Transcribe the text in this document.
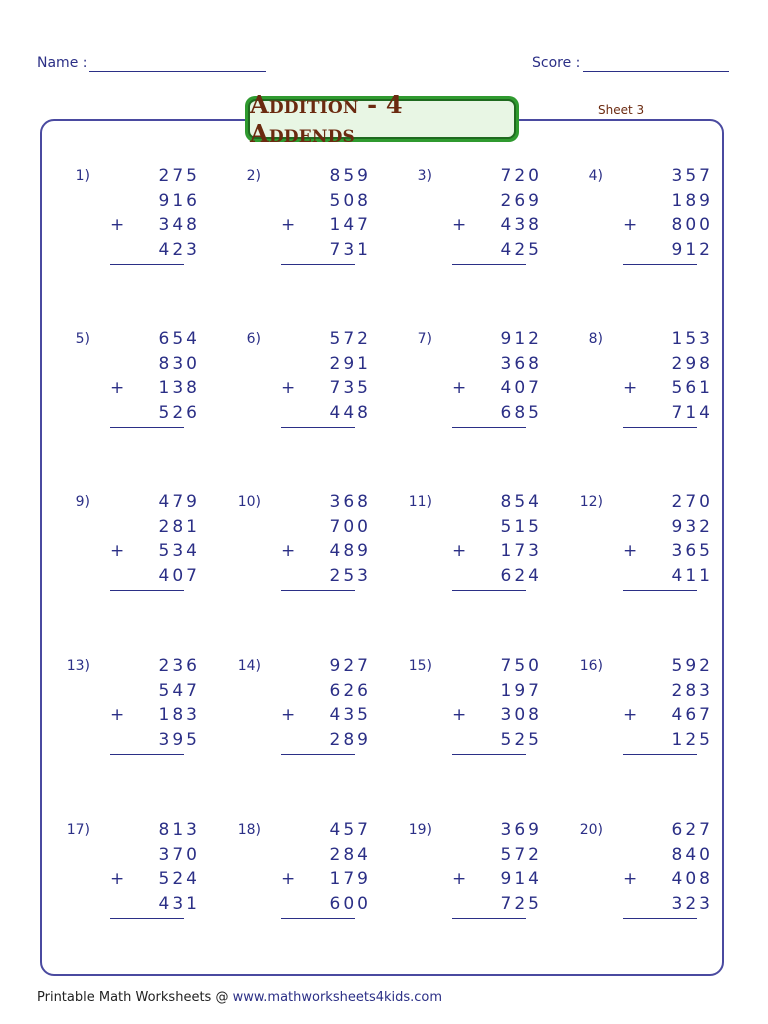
Name :	Score :
Addition - 4 Addends
Sheet 3
1)	275
916
348
423
+
2)	859
508
147
731
+
3)	720
269
438
425
+
4)	357
189
800
912
+
5)	654
830
138
526
+
6)	572
291
735
448
+
7)	912
368
407
685
+
8)	153
298
561
714
+
9)	479
281
534
407
+
10)	368
700
489
253
+
11)	854
515
173
624
+
12)	270
932
365
411
+
13)	236
547
183
395
+
14)	927
626
435
289
+
15)	750
197
308
525
+
16)	592
283
467
125
+
17)	813
370
524
431
+
18)	457
284
179
600
+
19)	369
572
914
725
+
20)	627
840
408
323
+
Printable Math Worksheets @ www.mathworksheets4kids.com
